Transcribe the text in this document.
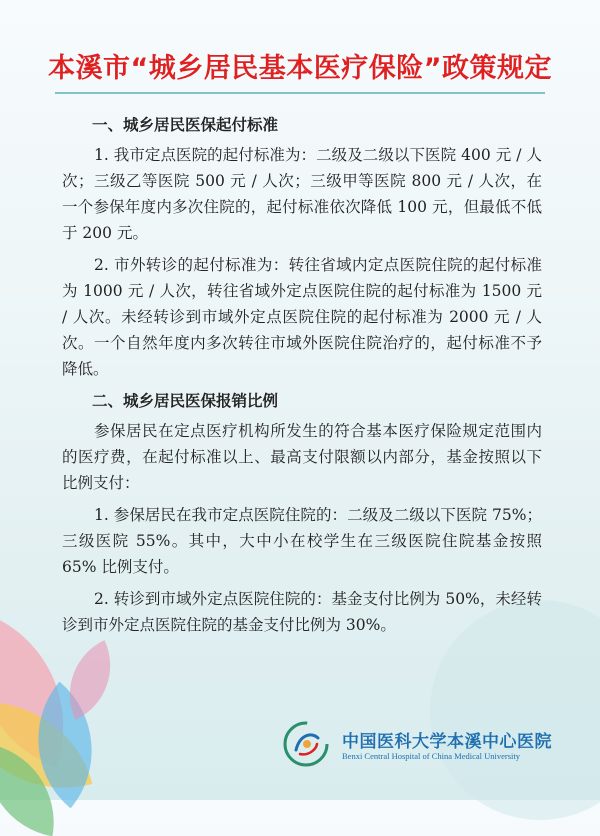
本溪市“城乡居民基本医疗保险”政策规定
一、城乡居民医保起付标准

1. 我市定点医院的起付标准为：二级及二级以下医院 400 元 / 人次；三级乙等医院 500 元 / 人次；三级甲等医院 800 元 / 人次，在一个参保年度内多次住院的，起付标准依次降低 100 元，但最低不低于 200 元。

2. 市外转诊的起付标准为：转往省域内定点医院住院的起付标准为 1000 元 / 人次，转往省域外定点医院住院的起付标准为 1500 元 / 人次。未经转诊到市域外定点医院住院的起付标准为 2000 元 / 人次。一个自然年度内多次转往市域外医院住院治疗的，起付标准不予降低。

二、城乡居民医保报销比例

参保居民在定点医疗机构所发生的符合基本医疗保险规定范围内的医疗费，在起付标准以上、最高支付限额以内部分，基金按照以下比例支付：

1. 参保居民在我市定点医院住院的：二级及二级以下医院 75%；三级医院 55%。其中，大中小在校学生在三级医院住院基金按照 65% 比例支付。

2. 转诊到市域外定点医院住院的：基金支付比例为 50%，未经转诊到市外定点医院住院的基金支付比例为 30%。

中国医科大学本溪中心医院
Benxi Central Hospital of China Medical University
